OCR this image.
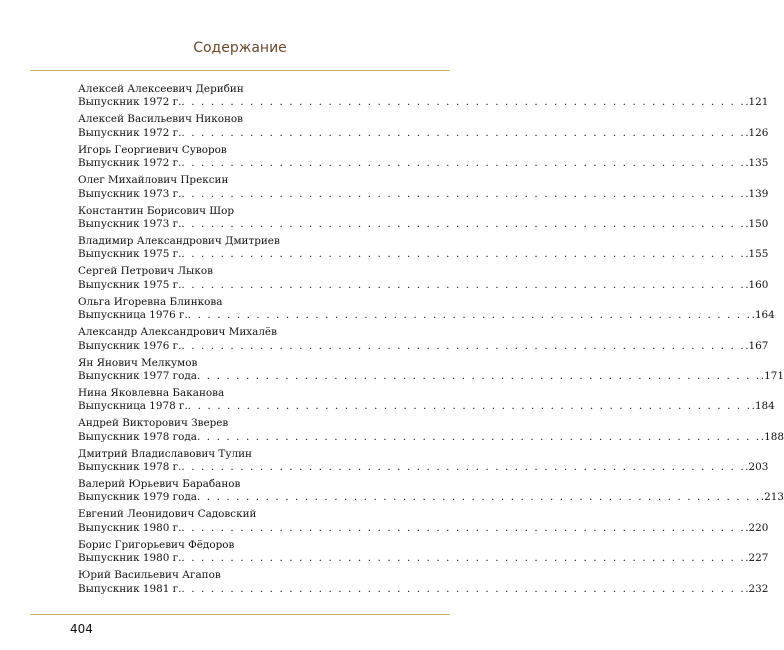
Содержание
Алексей Алексеевич Дерибин
Выпускник 1972 г. . . . . . . . . . . . . . . . . . . . . . . . . . . . . . . . . . . . . . . . . . . . . . . . . . . . . . . . . . . .121
Алексей Васильевич Никонов
Выпускник 1972 г. . . . . . . . . . . . . . . . . . . . . . . . . . . . . . . . . . . . . . . . . . . . . . . . . . . . . . . . . . . .126
Игорь Георгиевич Суворов
Выпускник 1972 г. . . . . . . . . . . . . . . . . . . . . . . . . . . . . . . . . . . . . . . . . . . . . . . . . . . . . . . . . . . .135
Олег Михайлович Прексин
Выпускник 1973 г. . . . . . . . . . . . . . . . . . . . . . . . . . . . . . . . . . . . . . . . . . . . . . . . . . . . . . . . . . . .139
Константин Борисович Шор
Выпускник 1973 г. . . . . . . . . . . . . . . . . . . . . . . . . . . . . . . . . . . . . . . . . . . . . . . . . . . . . . . . . . . .150
Владимир Александрович Дмитриев
Выпускник 1975 г. . . . . . . . . . . . . . . . . . . . . . . . . . . . . . . . . . . . . . . . . . . . . . . . . . . . . . . . . . . .155
Сергей Петрович Лыков
Выпускник 1975 г. . . . . . . . . . . . . . . . . . . . . . . . . . . . . . . . . . . . . . . . . . . . . . . . . . . . . . . . . . . .160
Ольга Игоревна Блинкова
Выпускница 1976 г. . . . . . . . . . . . . . . . . . . . . . . . . . . . . . . . . . . . . . . . . . . . . . . . . . . . . . . . . . . .164
Александр Александрович Михалёв
Выпускник 1976 г. . . . . . . . . . . . . . . . . . . . . . . . . . . . . . . . . . . . . . . . . . . . . . . . . . . . . . . . . . . .167
Ян Янович Мелкумов
Выпускник 1977 года . . . . . . . . . . . . . . . . . . . . . . . . . . . . . . . . . . . . . . . . . . . . . . . . . . . . . . . . . . .171
Нина Яковлевна Баканова
Выпускница 1978 г. . . . . . . . . . . . . . . . . . . . . . . . . . . . . . . . . . . . . . . . . . . . . . . . . . . . . . . . . . . .184
Андрей Викторович Зверев
Выпускник 1978 года . . . . . . . . . . . . . . . . . . . . . . . . . . . . . . . . . . . . . . . . . . . . . . . . . . . . . . . . . . .188
Дмитрий Владиславович Тулин
Выпускник 1978 г. . . . . . . . . . . . . . . . . . . . . . . . . . . . . . . . . . . . . . . . . . . . . . . . . . . . . . . . . . . .203
Валерий Юрьевич Барабанов
Выпускник 1979 года . . . . . . . . . . . . . . . . . . . . . . . . . . . . . . . . . . . . . . . . . . . . . . . . . . . . . . . . . . .213
Евгений Леонидович Садовский
Выпускник 1980 г. . . . . . . . . . . . . . . . . . . . . . . . . . . . . . . . . . . . . . . . . . . . . . . . . . . . . . . . . . . .220
Борис Григорьевич Фёдоров
Выпускник 1980 г. . . . . . . . . . . . . . . . . . . . . . . . . . . . . . . . . . . . . . . . . . . . . . . . . . . . . . . . . . . .227
Юрий Васильевич Агапов
Выпускник 1981 г. . . . . . . . . . . . . . . . . . . . . . . . . . . . . . . . . . . . . . . . . . . . . . . . . . . . . . . . . . . .232
404
